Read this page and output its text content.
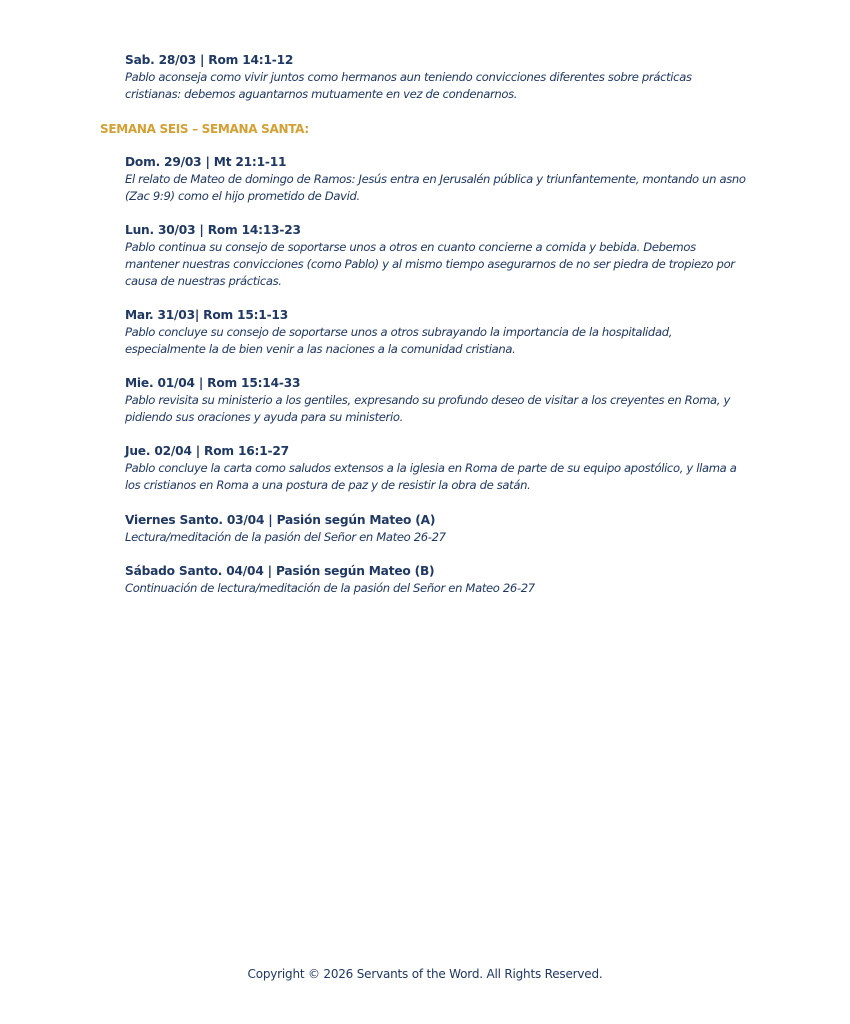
Sab. 28/03 | Rom 14:1-12
Pablo aconseja como vivir juntos como hermanos aun teniendo convicciones diferentes sobre prácticas cristianas: debemos aguantarnos mutuamente en vez de condenarnos.
SEMANA SEIS – SEMANA SANTA:
Dom. 29/03 | Mt 21:1-11
El relato de Mateo de domingo de Ramos: Jesús entra en Jerusalén pública y triunfantemente, montando un asno (Zac 9:9) como el hijo prometido de David.
Lun. 30/03 | Rom 14:13-23
Pablo continua su consejo de soportarse unos a otros en cuanto concierne a comida y bebida. Debemos mantener nuestras convicciones (como Pablo) y al mismo tiempo asegurarnos de no ser piedra de tropiezo por causa de nuestras prácticas.
Mar. 31/03| Rom 15:1-13
Pablo concluye su consejo de soportarse unos a otros subrayando la importancia de la hospitalidad, especialmente la de bien venir a las naciones a la comunidad cristiana.
Mie. 01/04 | Rom 15:14-33
Pablo revisita su ministerio a los gentiles, expresando su profundo deseo de visitar a los creyentes en Roma, y pidiendo sus oraciones y ayuda para su ministerio.
Jue. 02/04 | Rom 16:1-27
Pablo concluye la carta como saludos extensos a la iglesia en Roma de parte de su equipo apostólico, y llama a los cristianos en Roma a una postura de paz y de resistir la obra de satán.
Viernes Santo. 03/04 | Pasión según Mateo (A)
Lectura/meditación de la pasión del Señor en Mateo 26-27
Sábado Santo. 04/04 | Pasión según Mateo (B)
Continuación de lectura/meditación de la pasión del Señor en Mateo 26-27
Copyright © 2026 Servants of the Word. All Rights Reserved.
